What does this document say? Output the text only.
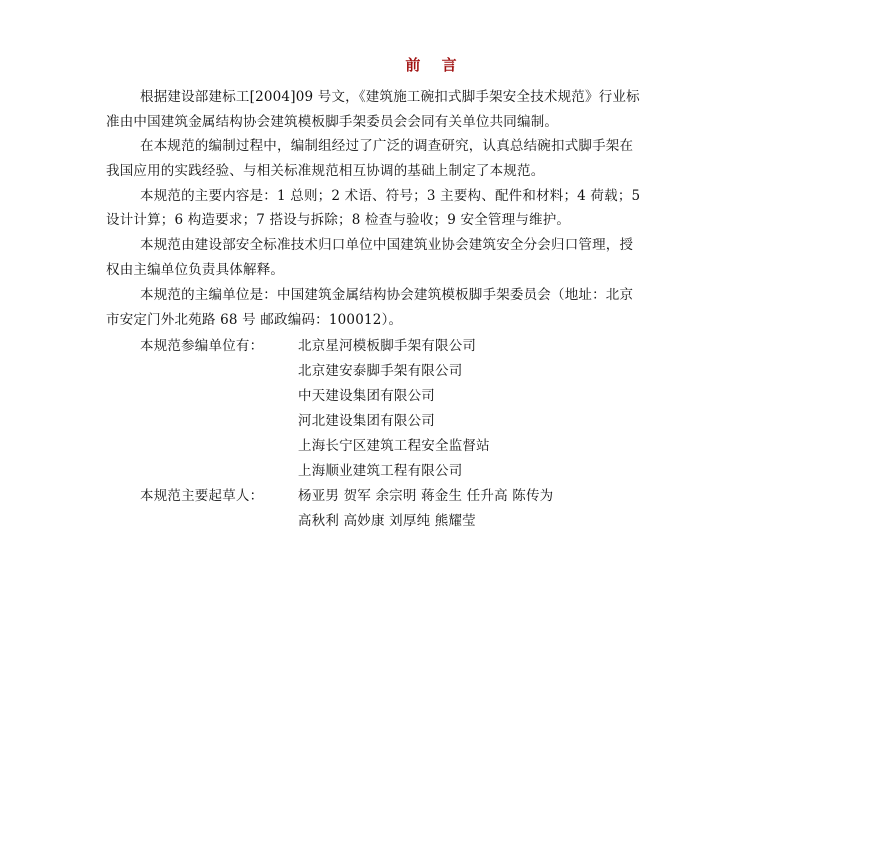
前 言
根据建设部建标工[2004]09 号文，《建筑施工碗扣式脚手架安全技术规范》行业标
准由中国建筑金属结构协会建筑模板脚手架委员会会同有关单位共同编制。
在本规范的编制过程中，编制组经过了广泛的调查研究，认真总结碗扣式脚手架在
我国应用的实践经验、与相关标准规范相互协调的基础上制定了本规范。
本规范的主要内容是：1 总则；2 术语、符号；3 主要构、配件和材料；4 荷载；5
设计计算；6 构造要求；7 搭设与拆除；8 检查与验收；9 安全管理与维护。
本规范由建设部安全标准技术归口单位中国建筑业协会建筑安全分会归口管理，授
权由主编单位负责具体解释。
本规范的主编单位是：中国建筑金属结构协会建筑模板脚手架委员会（地址：北京
市安定门外北苑路 68 号 邮政编码：100012）。
本规范参编单位有：	北京星河模板脚手架有限公司
北京建安泰脚手架有限公司
中天建设集团有限公司
河北建设集团有限公司
上海长宁区建筑工程安全监督站
上海顺业建筑工程有限公司
本规范主要起草人：	杨亚男 贺军 余宗明 蒋金生 任升高 陈传为
高秋利 高妙康 刘厚纯 熊耀莹
